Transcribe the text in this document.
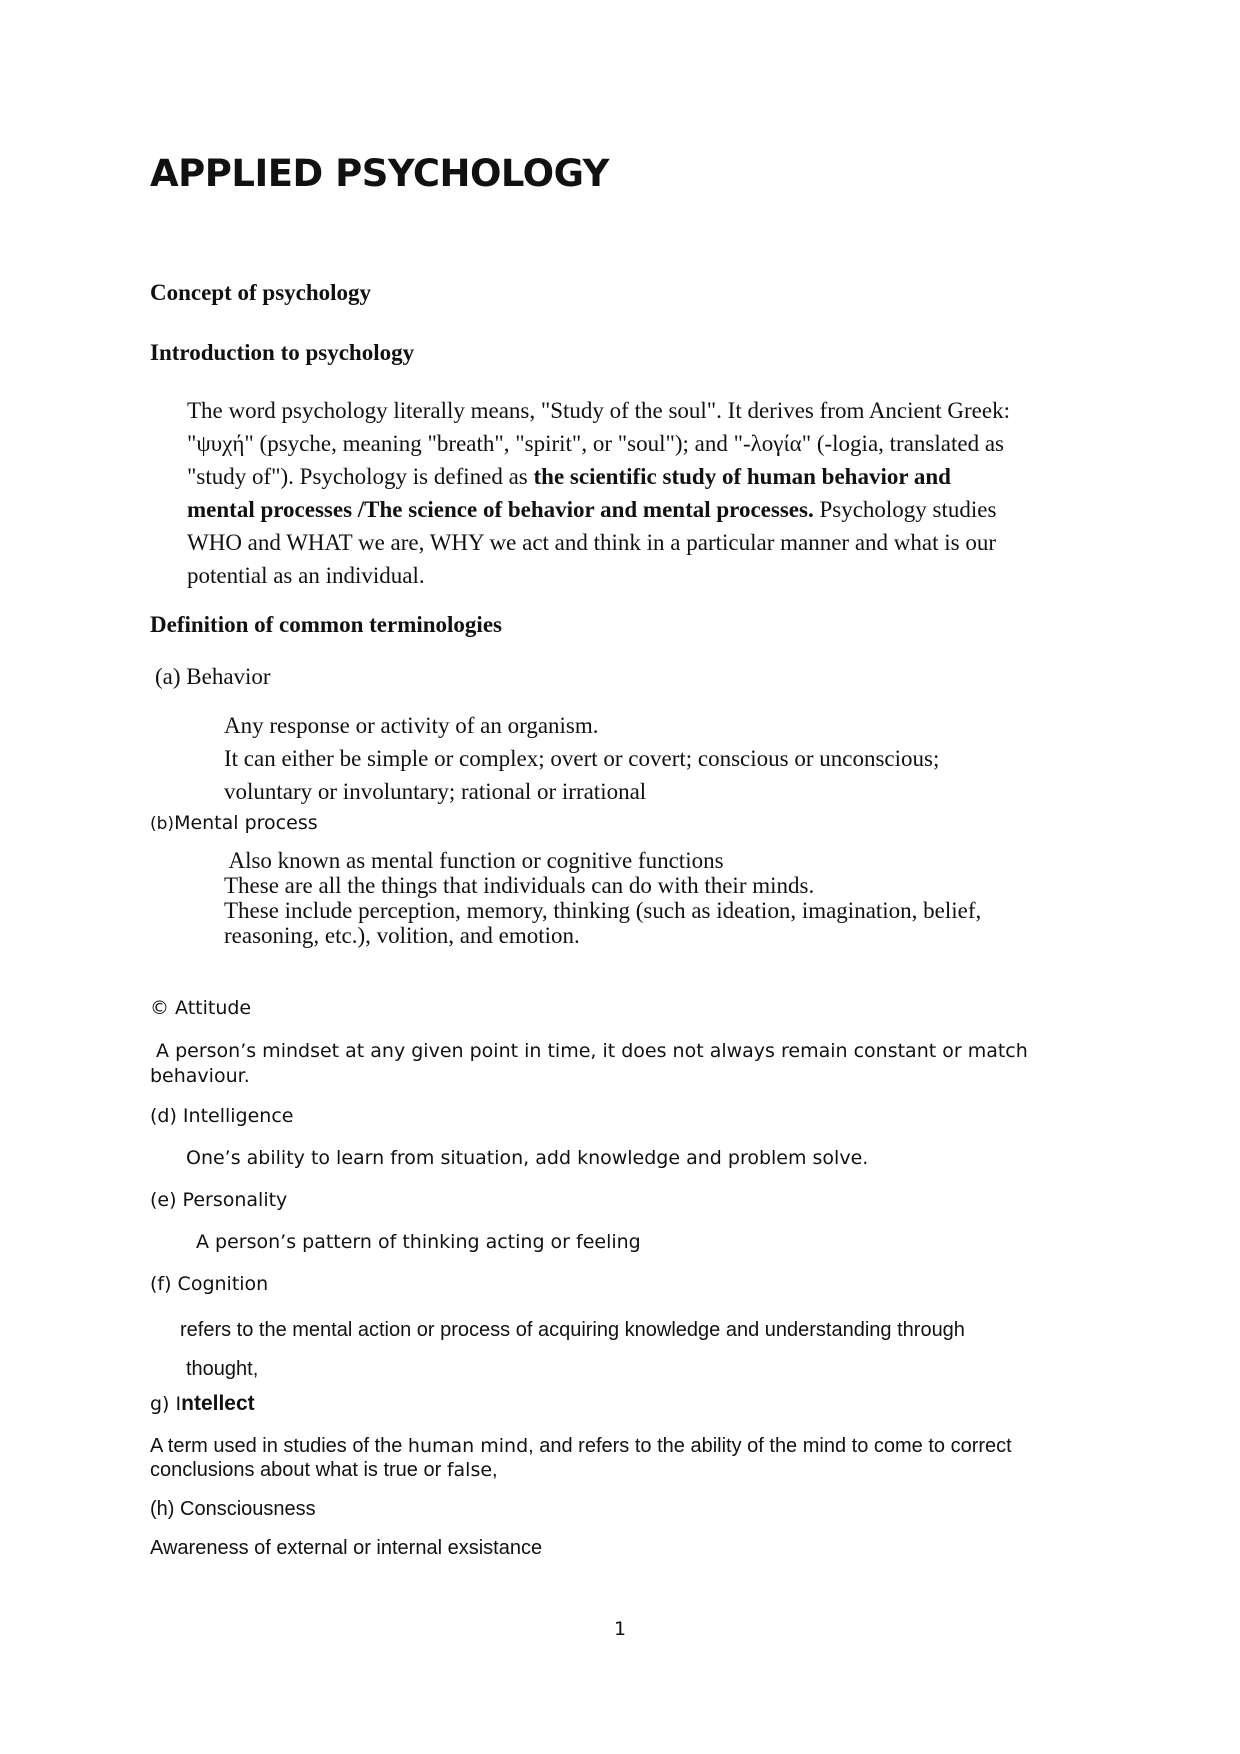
APPLIED PSYCHOLOGY
Concept of psychology
Introduction to psychology
The word psychology literally means, "Study of the soul". It derives from Ancient Greek:
"ψυχή" (psyche, meaning "breath", "spirit", or "soul"); and "-λογία" (-logia, translated as
"study of"). Psychology is defined as the scientific study of human behavior and
mental processes /The science of behavior and mental processes. Psychology studies
WHO and WHAT we are, WHY we act and think in a particular manner and what is our
potential as an individual.
Definition of common terminologies
(a) Behavior
Any response or activity of an organism.
It can either be simple or complex; overt or covert; conscious or unconscious;
voluntary or involuntary; rational or irrational
(b)Mental process
Also known as mental function or cognitive functions
These are all the things that individuals can do with their minds.
These include perception, memory, thinking (such as ideation, imagination, belief,
reasoning, etc.), volition, and emotion.
© Attitude
A person’s mindset at any given point in time, it does not always remain constant or match
behaviour.
(d) Intelligence
One’s ability to learn from situation, add knowledge and problem solve.
(e) Personality
A person’s pattern of thinking acting or feeling
(f) Cognition
refers to the mental action or process of acquiring knowledge and understanding through
thought,
g) Intellect
A term used in studies of the human mind, and refers to the ability of the mind to come to correct
conclusions about what is true or false,
(h) Consciousness
Awareness of external or internal exsistance
1
